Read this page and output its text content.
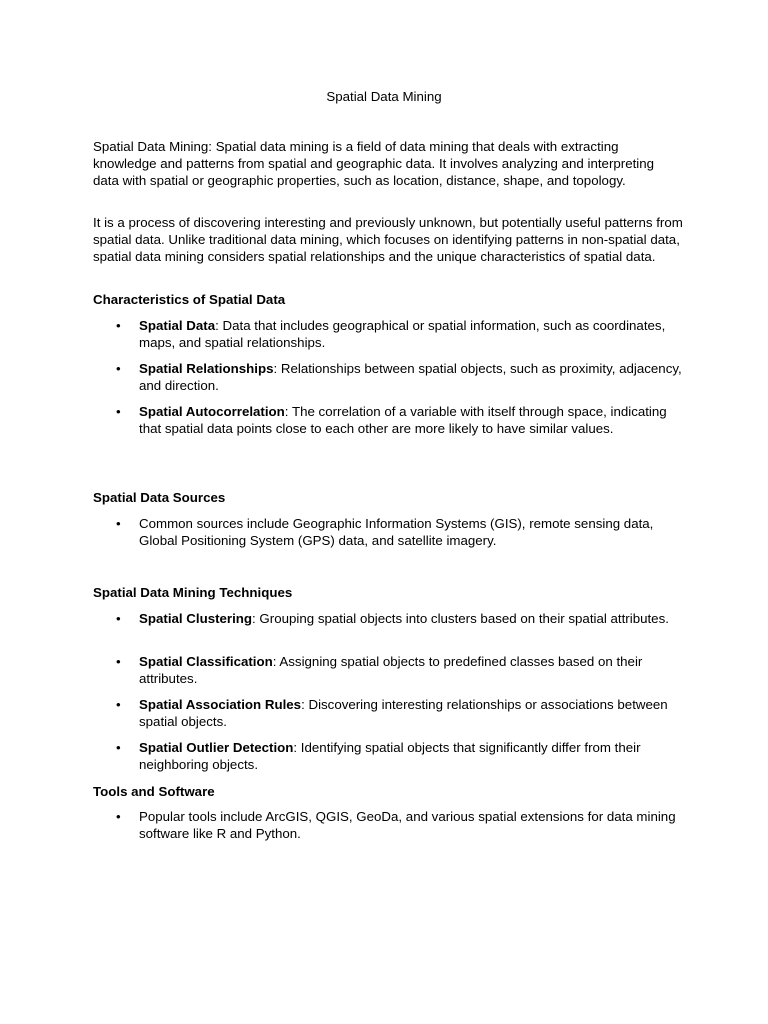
Spatial Data Mining

Spatial Data Mining: Spatial data mining is a field of data mining that deals with extracting knowledge and patterns from spatial and geographic data. It involves analyzing and interpreting data with spatial or geographic properties, such as location, distance, shape, and topology.

It is a process of discovering interesting and previously unknown, but potentially useful patterns from spatial data. Unlike traditional data mining, which focuses on identifying patterns in non-spatial data, spatial data mining considers spatial relationships and the unique characteristics of spatial data.

Characteristics of Spatial Data

• Spatial Data: Data that includes geographical or spatial information, such as coordinates, maps, and spatial relationships.

• Spatial Relationships: Relationships between spatial objects, such as proximity, adjacency, and direction.

• Spatial Autocorrelation: The correlation of a variable with itself through space, indicating that spatial data points close to each other are more likely to have similar values.

Spatial Data Sources

• Common sources include Geographic Information Systems (GIS), remote sensing data, Global Positioning System (GPS) data, and satellite imagery.

Spatial Data Mining Techniques

• Spatial Clustering: Grouping spatial objects into clusters based on their spatial attributes.

• Spatial Classification: Assigning spatial objects to predefined classes based on their attributes.

• Spatial Association Rules: Discovering interesting relationships or associations between spatial objects.

• Spatial Outlier Detection: Identifying spatial objects that significantly differ from their neighboring objects.

Tools and Software

• Popular tools include ArcGIS, QGIS, GeoDa, and various spatial extensions for data mining software like R and Python.
